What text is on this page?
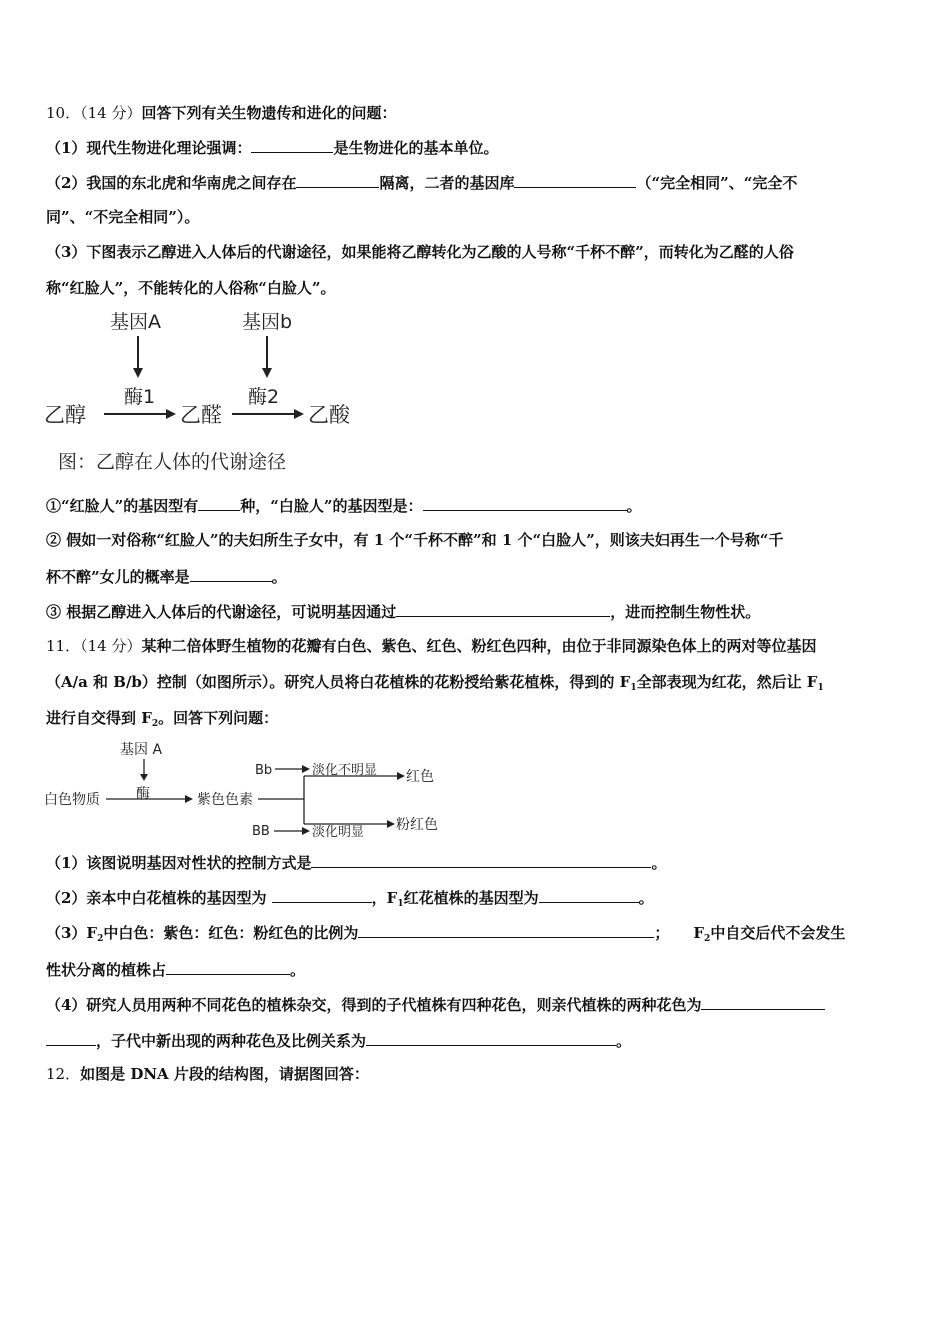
10．（14 分）回答下列有关生物遗传和进化的问题：
（1）现代生物进化理论强调：	是生物进化的基本单位。
（2）我国的东北虎和华南虎之间存在	隔离，二者的基因库	（“完全相同”、“完全不
同”、“不完全相同”）。
（3）下图表示乙醇进入人体后的代谢途径，如果能将乙醇转化为乙酸的人号称“千杯不醉”，而转化为乙醛的人俗
称“红脸人”，不能转化的人俗称“白脸人”。
基因A	基因b
酶1	酶2
乙醇	乙醛	乙酸
图：乙醇在人体的代谢途径
①“红脸人”的基因型有	种，“白脸人”的基因型是：	。
② 假如一对俗称“红脸人”的夫妇所生子女中，有 1 个“千杯不醉”和 1 个“白脸人”，则该夫妇再生一个号称“千
杯不醉”女儿的概率是	。
③ 根据乙醇进入人体后的代谢途径，可说明基因通过	，进而控制生物性状。
11．（14 分）某种二倍体野生植物的花瓣有白色、紫色、红色、粉红色四种，由位于非同源染色体上的两对等位基因
（A/a 和 B/b）控制（如图所示）。研究人员将白花植株的花粉授给紫花植株，得到的 $F_1$全部表现为红花，然后让 $F_1$
进行自交得到 $F_2$。回答下列问题：
基因 A
酶
白色物质	紫色色素
红色
粉红色
Bb	淡化不明显
BB	淡化明显
（1）该图说明基因对性状的控制方式是	。
（2）亲本中白花植株的基因型为	，$F_1$红花植株的基因型为	。
$(3)F_2$中白色：紫色：红色：粉红色的比例为	； $F_2$中自交后代不会发生
性状分离的植株占	。
（4）研究人员用两种不同花色的植株杂交，得到的子代植株有四种花色，则亲代植株的两种花色为
，子代中新出现的两种花色及比例关系为	。
12．如图是 DNA 片段的结构图，请据图回答：
